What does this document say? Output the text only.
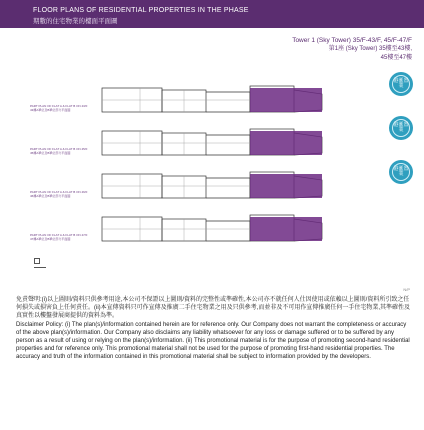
FLOOR PLANS OF RESIDENTIAL PROPERTIES IN THE PHASE
期數的住宅物業的樓面平面圖
Tower 1 (Sky Tower) 35/F-43/F, 45/F-47/F
第1座 (Sky Tower) 35樓至43樓,
45樓至47樓
港滙置業
港滙置業
港滙置業
PART PLAN OF FLAT A & FLAT B ON 43/F
43樓A單位及B單位部分平面圖
PART PLAN OF FLAT A & FLAT B ON 45/F
45樓A單位及B單位部分平面圖
PART PLAN OF FLAT A & FLAT B ON 46/F
46樓A單位及B單位部分平面圖
PART PLAN OF FLAT A & FLAT B ON 47/F
47樓A單位及B單位部分平面圖
N/P

免責聲明:(i)以上圖則/資料只供參考用途,本公司不保證以上圖則/資料的完整性或準確性,本公司亦不就任何人仕因使用或依賴以上圖則/資料所引致之任何損失或損害負上任何責任。(ii)本宣傳資料只可作宣傳及推廣二手住宅物業之用及只供參考,而並非及不可用作宣傳推廣任何一手住宅物業,其準確性及真實性以樓盤發展商提供的資料為準。

Disclaimer Policy: (i) The plan(s)/information contained herein are for reference only. Our Company does not warrant the completeness or accuracy of the above plan(s)/information. Our Company also disclaims any liability whatsoever for any loss or damage suffered or to be suffered by any person as a result of using or relying on the plan(s)/information. (ii) This promotional material is for the purpose of promoting second-hand residential properties and for reference only. This promotional material shall not be used for the purpose of promoting first-hand residential properties. The accuracy and truth of the information contained in this promotional material shall be subject to information provided by the developers.
